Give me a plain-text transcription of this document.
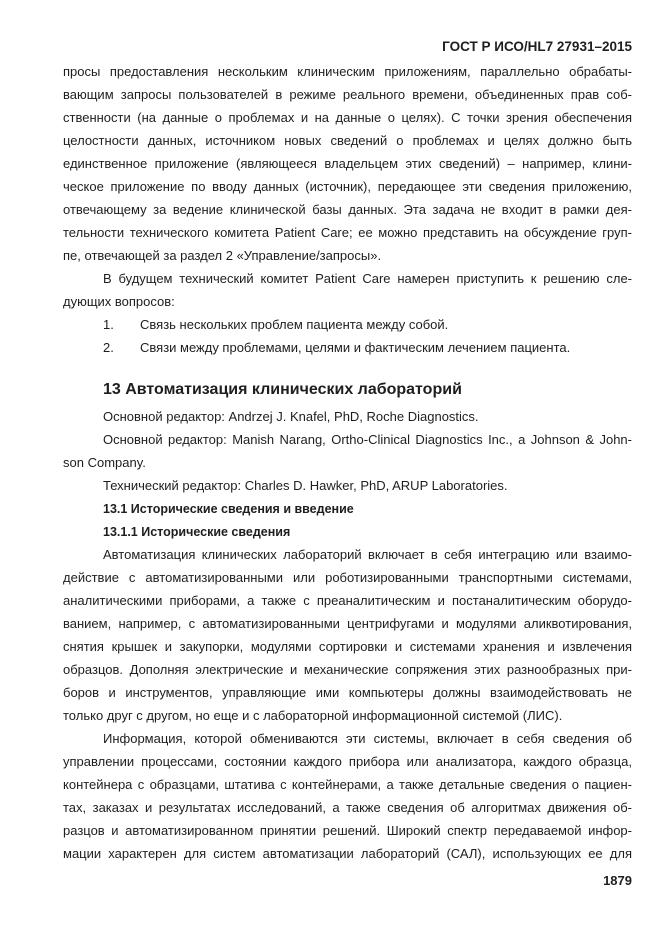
ГОСТ Р ИСО/HL7 27931–2015
1879
просы предоставления нескольким клиническим приложениям, параллельно обрабаты-
вающим запросы пользователей в режиме реального времени, объединенных прав соб-
ственности (на данные о проблемах и на данные о целях). С точки зрения обеспечения
целостности данных, источником новых сведений о проблемах и целях должно быть
единственное приложение (являющееся владельцем этих сведений) – например, клини-
ческое приложение по вводу данных (источник), передающее эти сведения приложению,
отвечающему за ведение клинической базы данных. Эта задача не входит в рамки дея-
тельности технического комитета Patient Care; ее можно представить на обсуждение груп-
пе, отвечающей за раздел 2 «Управление/запросы».
В будущем технический комитет Patient Care намерен приступить к решению сле-
дующих вопросов:
1. Связь нескольких проблем пациента между собой.
2. Связи между проблемами, целями и фактическим лечением пациента.
13 Автоматизация клинических лабораторий
Основной редактор: Andrzej J. Knafel, PhD, Roche Diagnostics.
Основной редактор: Manish Narang, Ortho-Clinical Diagnostics Inc., a Johnson & John-
son Company.
Технический редактор: Charles D. Hawker, PhD, ARUP Laboratories.
13.1 Исторические сведения и введение
13.1.1 Исторические сведения
Автоматизация клинических лабораторий включает в себя интеграцию или взаимо-
действие с автоматизированными или роботизированными транспортными системами,
аналитическими приборами, а также с преаналитическим и постаналитическим оборудо-
ванием, например, с автоматизированными центрифугами и модулями аликвотирования,
снятия крышек и закупорки, модулями сортировки и системами хранения и извлечения
образцов. Дополняя электрические и механические сопряжения этих разнообразных при-
боров и инструментов, управляющие ими компьютеры должны взаимодействовать не
только друг с другом, но еще и с лабораторной информационной системой (ЛИС).
Информация, которой обмениваются эти системы, включает в себя сведения об
управлении процессами, состоянии каждого прибора или анализатора, каждого образца,
контейнера с образцами, штатива с контейнерами, а также детальные сведения о пациен-
тах, заказах и результатах исследований, а также сведения об алгоритмах движения об-
разцов и автоматизированном принятии решений. Широкий спектр передаваемой инфор-
мации характерен для систем автоматизации лабораторий (САЛ), использующих ее для
